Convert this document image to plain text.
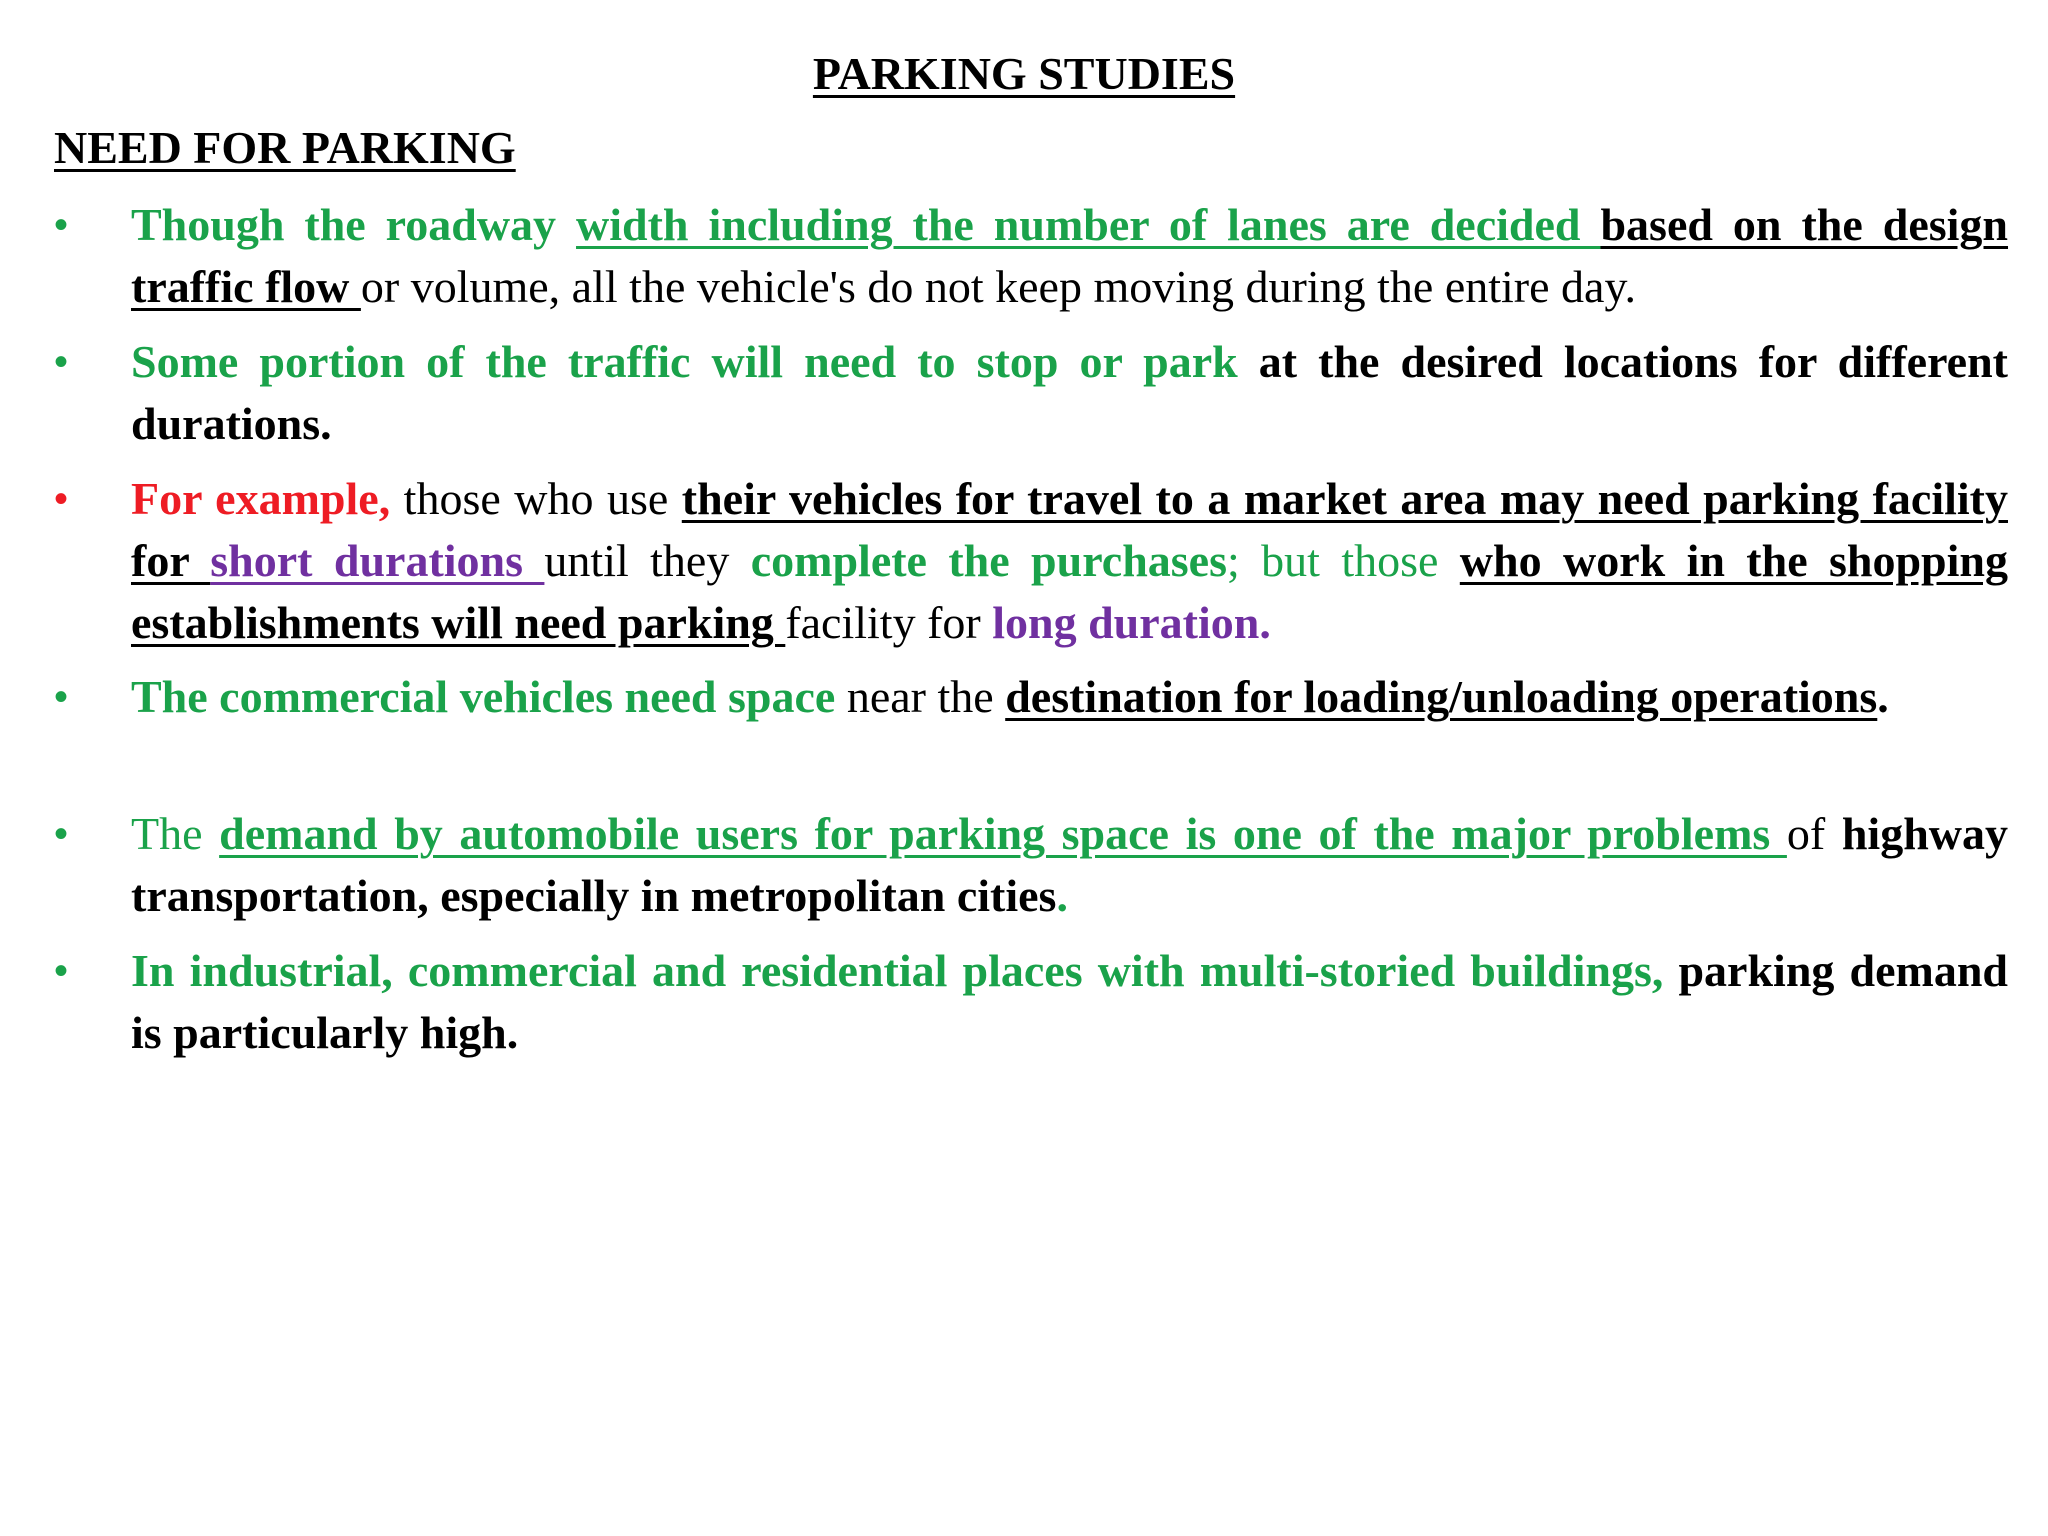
PARKING STUDIES
NEED FOR PARKING
•	Though the roadway width including the number of lanes are decided based on the design traffic flow or volume, all the vehicle's do not keep moving during the entire day.

•	Some portion of the traffic will need to stop or park at the desired locations for different durations.

•	For example, those who use their vehicles for travel to a market area may need parking facility for short durations until they complete the purchases; but those who work in the shopping establishments will need parking facility for long duration.

•	The commercial vehicles need space near the destination for loading/unloading operations.

•	The demand by automobile users for parking space is one of the major problems of highway transportation, especially in metropolitan cities.

•	In industrial, commercial and residential places with multi-storied buildings, parking demand is particularly high.
